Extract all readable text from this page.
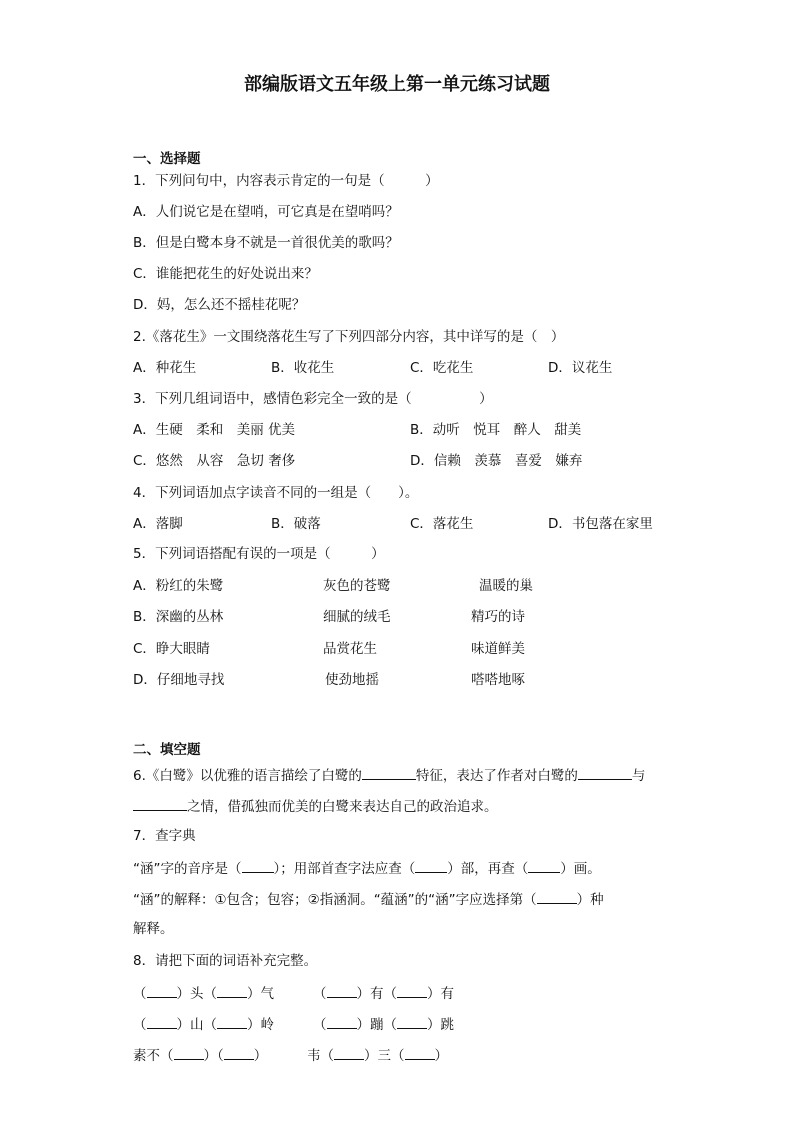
部编版语文五年级上第一单元练习试题
一、选择题
1．下列问句中，内容表示肯定的一句是（　　　）
A．人们说它是在望哨，可它真是在望哨吗？
B．但是白鹭本身不就是一首很优美的歌吗？
C．谁能把花生的好处说出来？
D．妈，怎么还不摇桂花呢？
2.《落花生》一文围绕落花生写了下列四部分内容，其中详写的是（　）
A．种花生	B．收花生	C．吃花生	D．议花生
3．下列几组词语中，感情色彩完全一致的是（　　　　　）
A．生硬　柔和　美丽 优美	B．动听　悦耳　醉人　甜美
C．悠然　从容　急切 奢侈	D．信赖　羡慕　喜爱　嫌弃
4．下列词语加点字读音不同的一组是（　　）。
A．落脚	B．破落	C．落花生	D．书包落在家里
5．下列词语搭配有误的一项是（　　　）
A．粉红的朱鹭	灰色的苍鹭	温暖的巢
B．深幽的丛林	细腻的绒毛	精巧的诗
C．睁大眼睛	品赏花生	味道鲜美
D．仔细地寻找	使劲地摇	嗒嗒地啄
二、填空题
6.《白鹭》以优雅的语言描绘了白鹭的	特征，表达了作者对白鹭的	与
之情，借孤独而优美的白鹭来表达自己的政治追求。
7．查字典
“涵”字的音序是（ ）；用部首查字法应查（ ）部，再查（ ）画。
“涵”的解释：①包含；包容；②指涵洞。“蕴涵”的“涵”字应选择第（	）种
解释。
8．请把下面的词语补充完整。
（ ）头（ ）气	（ ）有（ ）有
（ ）山（ ）岭	（ ）蹦（ ）跳
素不（ ）（ ）	韦（ ）三（ ）
